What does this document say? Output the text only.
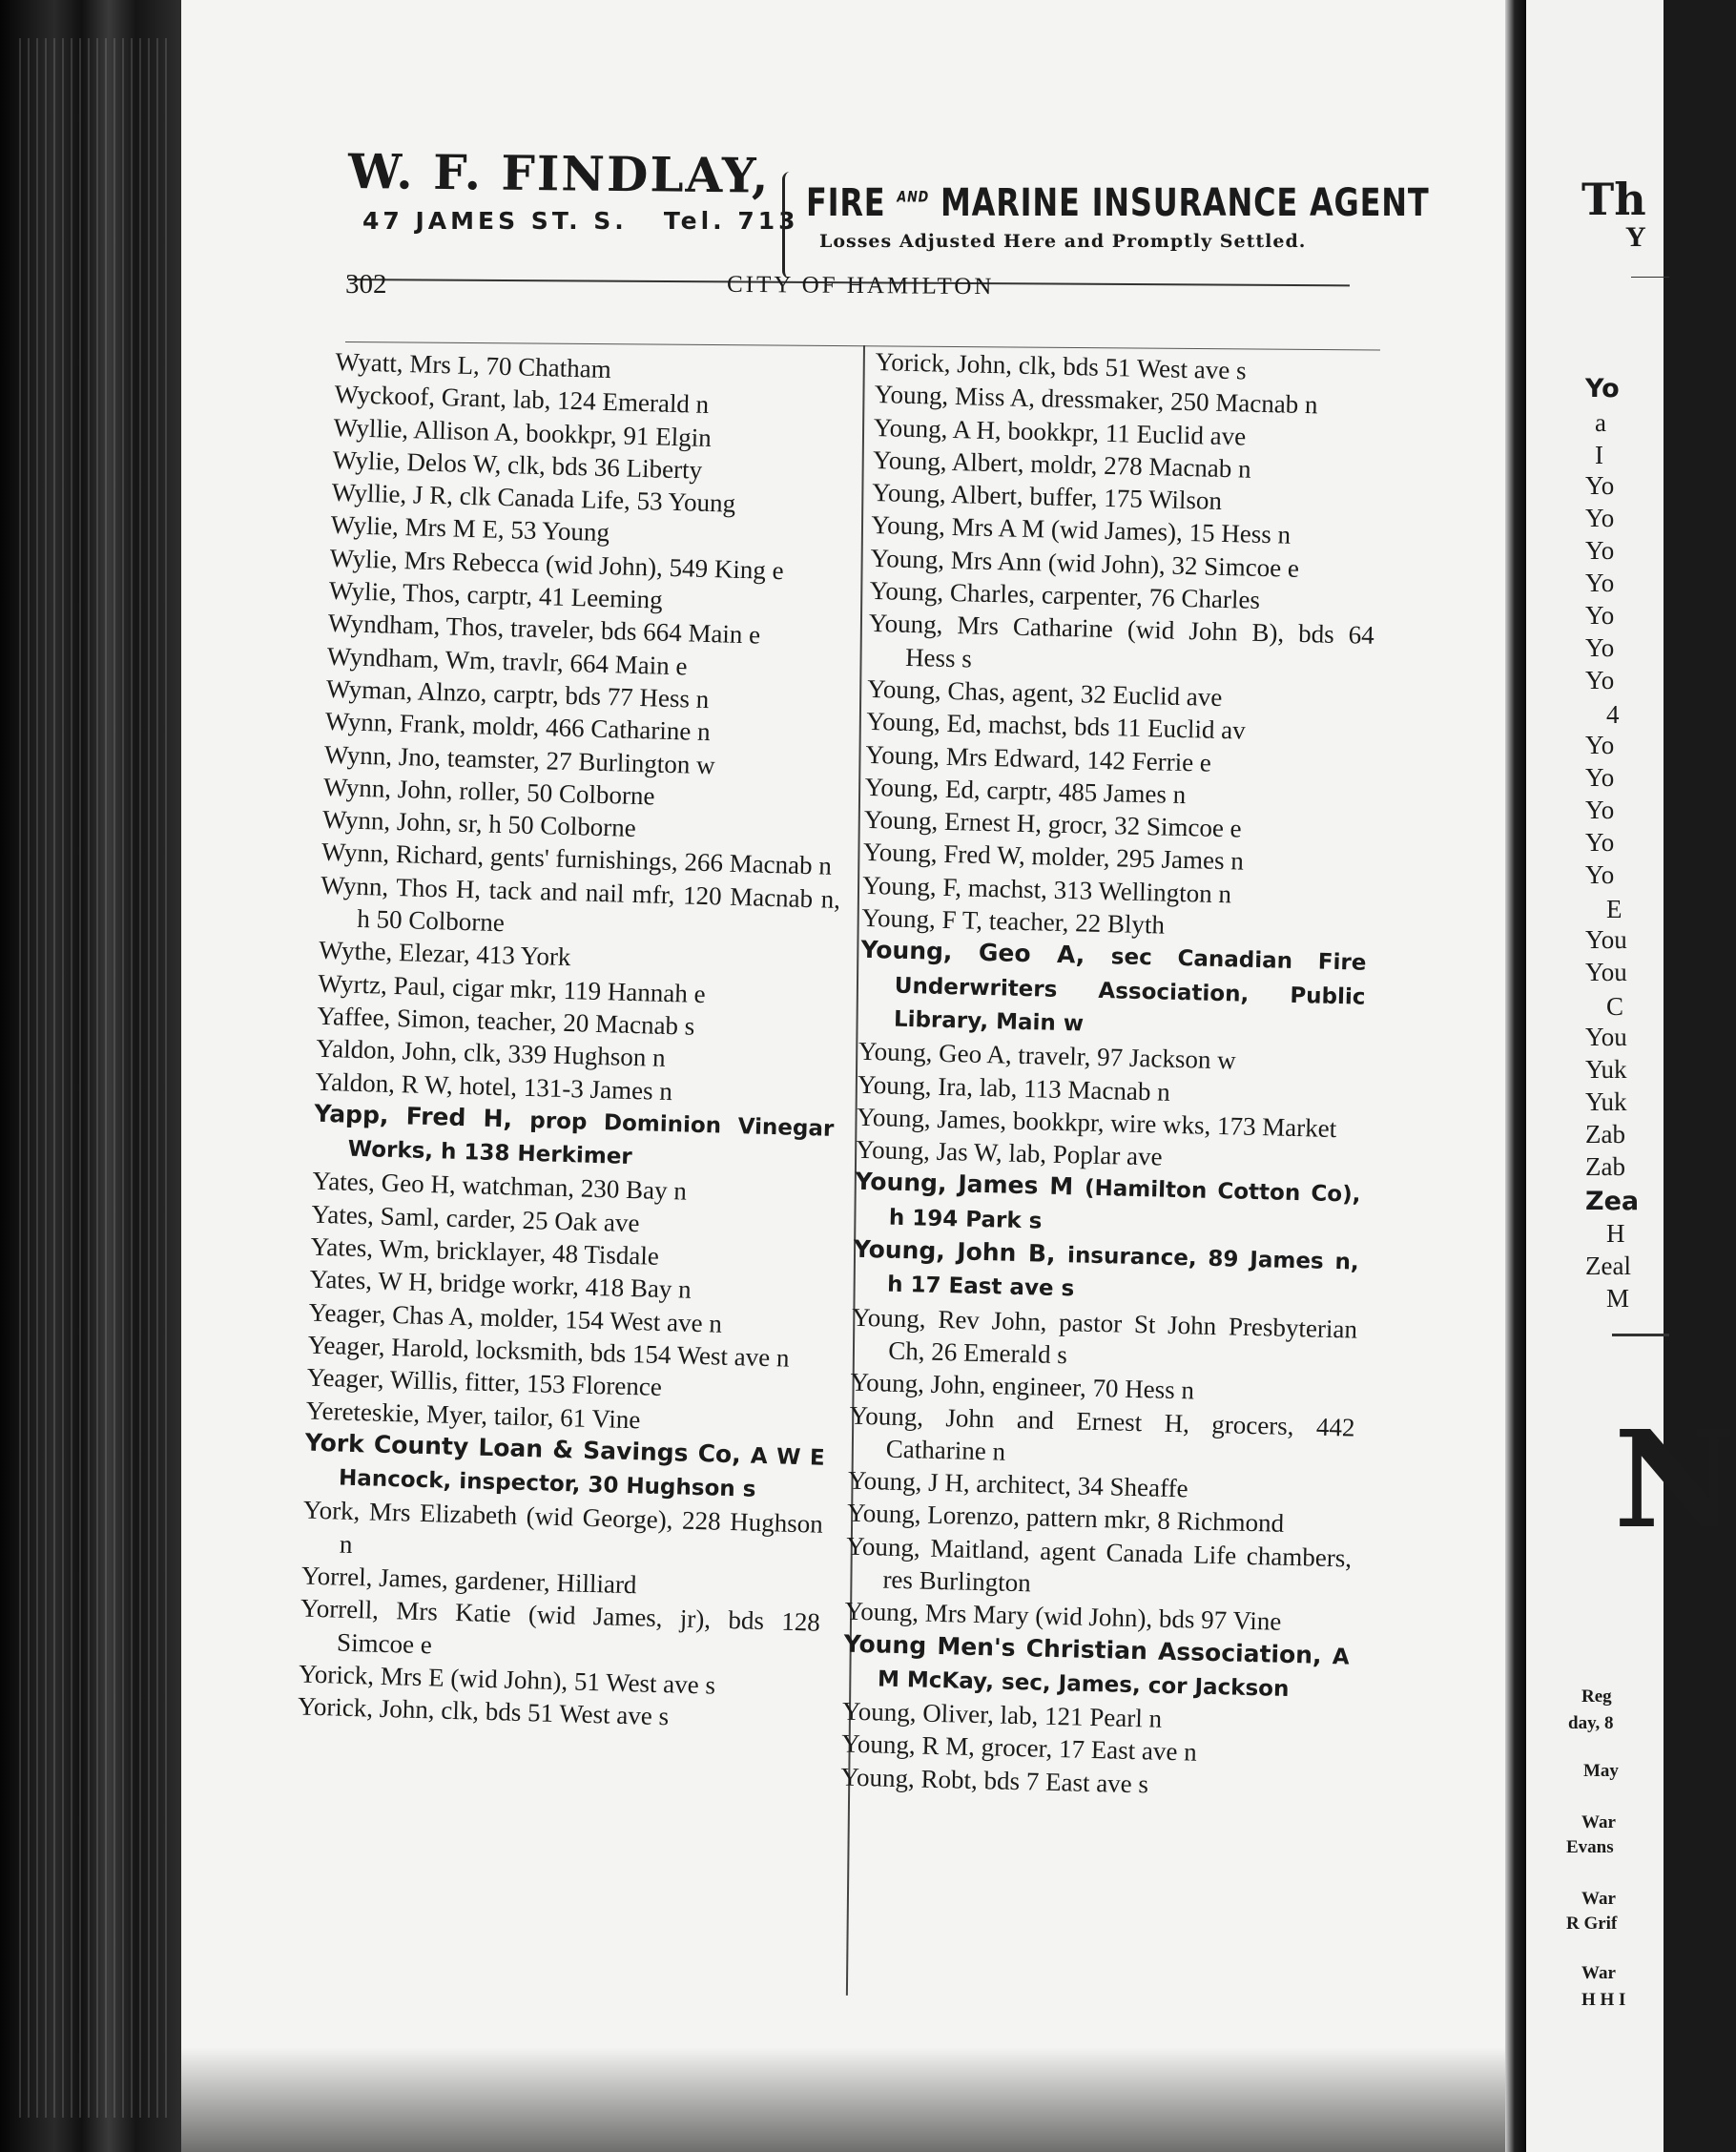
W. F. FINDLAY,
47 JAMES ST. S. Tel. 713 FIRE $^{AND}$ MARINE INSURANCE AGENT
Losses Adjusted Here and Promptly Settled.
302	CITY OF HAMILTON
Wyatt, Mrs L, 70 Chatham
Wyckoof, Grant, lab, 124 Emerald n
Wyllie, Allison A, bookkpr, 91 Elgin
Wylie, Delos W, clk, bds 36 Liberty
Wyllie, J R, clk Canada Life, 53 Young
Wylie, Mrs M E, 53 Young
Wylie, Mrs Rebecca (wid John), 549 King e
Wylie, Thos, carptr, 41 Leeming
Wyndham, Thos, traveler, bds 664 Main e
Wyndham, Wm, travlr, 664 Main e
Wyman, Alnzo, carptr, bds 77 Hess n
Wynn, Frank, moldr, 466 Catharine n
Wynn, Jno, teamster, 27 Burlington w
Wynn, John, roller, 50 Colborne
Wynn, John, sr, h 50 Colborne
Wynn, Richard, gents' furnishings, 266 Macnab n
Wynn, Thos H, tack and nail mfr, 120 Macnab n, h 50 Colborne
Wythe, Elezar, 413 York
Wyrtz, Paul, cigar mkr, 119 Hannah e
Yaffee, Simon, teacher, 20 Macnab s
Yaldon, John, clk, 339 Hughson n
Yaldon, R W, hotel, 131-3 James n
Yapp, Fred H, prop Dominion Vinegar Works, h 138 Herkimer
Yates, Geo H, watchman, 230 Bay n
Yates, Saml, carder, 25 Oak ave
Yates, Wm, bricklayer, 48 Tisdale
Yates, W H, bridge workr, 418 Bay n
Yeager, Chas A, molder, 154 West ave n
Yeager, Harold, locksmith, bds 154 West ave n
Yeager, Willis, fitter, 153 Florence
Yereteskie, Myer, tailor, 61 Vine
York County Loan & Savings Co, A W E Hancock, inspector, 30 Hughson s
York, Mrs Elizabeth (wid George), 228 Hughson n
Yorrel, James, gardener, Hilliard
Yorrell, Mrs Katie (wid James, jr), bds 128 Simcoe e
Yorick, Mrs E (wid John), 51 West ave s
Yorick, John, clk, bds 51 West ave s
Yorick, John, clk, bds 51 West ave s
Young, Miss A, dressmaker, 250 Macnab n
Young, A H, bookkpr, 11 Euclid ave
Young, Albert, moldr, 278 Macnab n
Young, Albert, buffer, 175 Wilson
Young, Mrs A M (wid James), 15 Hess n
Young, Mrs Ann (wid John), 32 Simcoe e
Young, Charles, carpenter, 76 Charles
Young, Mrs Catharine (wid John B), bds 64 Hess s
Young, Chas, agent, 32 Euclid ave
Young, Ed, machst, bds 11 Euclid av
Young, Mrs Edward, 142 Ferrie e
Young, Ed, carptr, 485 James n
Young, Ernest H, grocr, 32 Simcoe e
Young, Fred W, molder, 295 James n
Young, F, machst, 313 Wellington n
Young, F T, teacher, 22 Blyth
Young, Geo A, sec Canadian Fire Underwriters Association, Public Library, Main w
Young, Geo A, travelr, 97 Jackson w
Young, Ira, lab, 113 Macnab n
Young, James, bookkpr, wire wks, 173 Market
Young, Jas W, lab, Poplar ave
Young, James M (Hamilton Cotton Co), h 194 Park s
Young, John B, insurance, 89 James n, h 17 East ave s
Young, Rev John, pastor St John Presbyterian Ch, 26 Emerald s
Young, John, engineer, 70 Hess n
Young, John and Ernest H, grocers, 442 Catharine n
Young, J H, architect, 34 Sheaffe
Young, Lorenzo, pattern mkr, 8 Richmond
Young, Maitland, agent Canada Life chambers, res Burlington
Young, Mrs Mary (wid John), bds 97 Vine
Young Men's Christian Association, A M McKay, sec, James, cor Jackson
Young, Oliver, lab, 121 Pearl n
Young, R M, grocer, 17 East ave n
Young, Robt, bds 7 East ave s
Th
Y
Yo
a
I
Yo
Yo
Yo
Yo
Yo
Yo
Yo
4
Yo
Yo
Yo
Yo
Yo
E
You
You
C
You
Yuk
Yuk
Zab
Zab
Zea
H
Zeal
M
N
Reg
day, 8
May
War
Evans
War
R Grif
War
H H I
